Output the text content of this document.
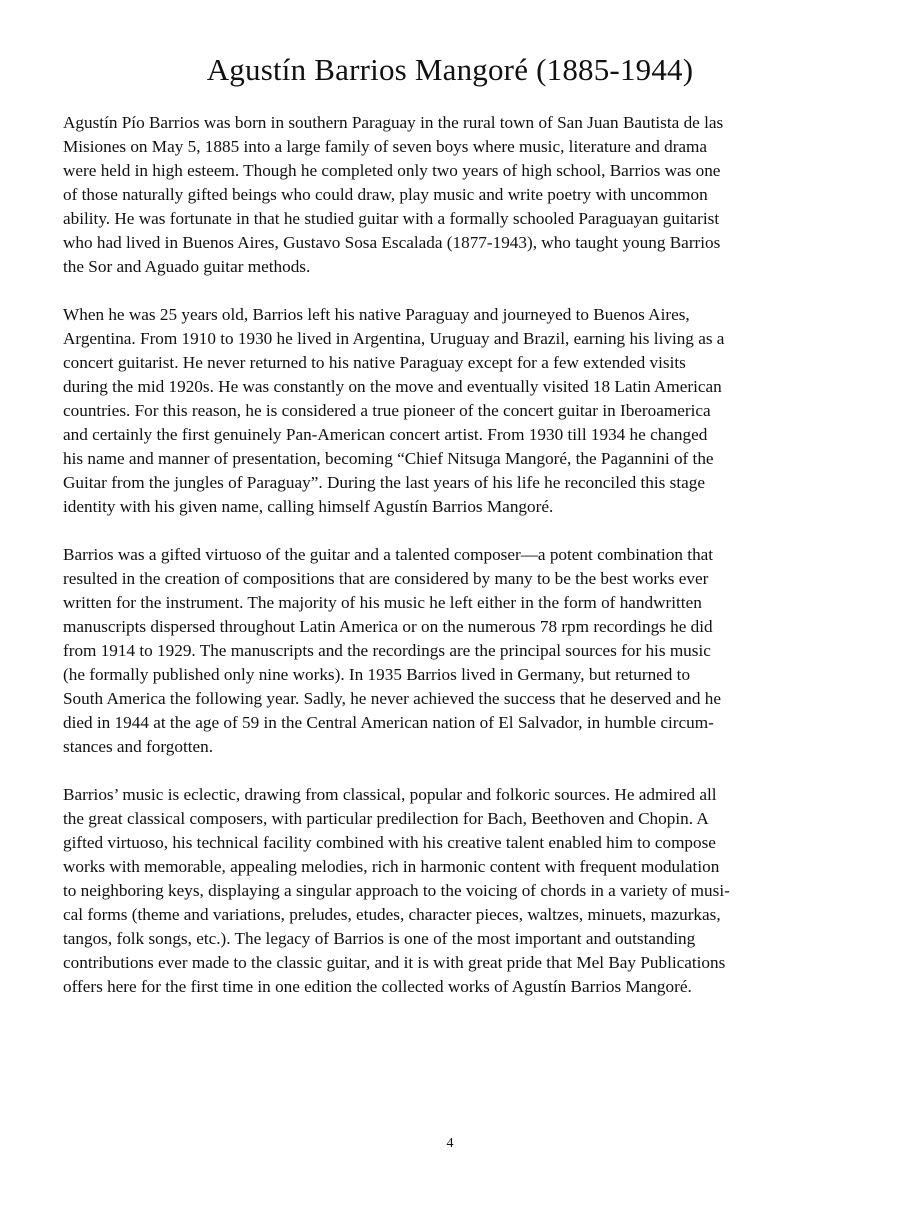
Agustín Barrios Mangoré (1885-1944)

Agustín Pío Barrios was born in southern Paraguay in the rural town of San Juan Bautista de las
Misiones on May 5, 1885 into a large family of seven boys where music, literature and drama
were held in high esteem. Though he completed only two years of high school, Barrios was one
of those naturally gifted beings who could draw, play music and write poetry with uncommon
ability. He was fortunate in that he studied guitar with a formally schooled Paraguayan guitarist
who had lived in Buenos Aires, Gustavo Sosa Escalada (1877-1943), who taught young Barrios
the Sor and Aguado guitar methods.

When he was 25 years old, Barrios left his native Paraguay and journeyed to Buenos Aires,
Argentina. From 1910 to 1930 he lived in Argentina, Uruguay and Brazil, earning his living as a
concert guitarist. He never returned to his native Paraguay except for a few extended visits
during the mid 1920s. He was constantly on the move and eventually visited 18 Latin American
countries. For this reason, he is considered a true pioneer of the concert guitar in Iberoamerica
and certainly the first genuinely Pan-American concert artist. From 1930 till 1934 he changed
his name and manner of presentation, becoming “Chief Nitsuga Mangoré, the Pagannini of the
Guitar from the jungles of Paraguay”. During the last years of his life he reconciled this stage
identity with his given name, calling himself Agustín Barrios Mangoré.

Barrios was a gifted virtuoso of the guitar and a talented composer—a potent combination that
resulted in the creation of compositions that are considered by many to be the best works ever
written for the instrument. The majority of his music he left either in the form of handwritten
manuscripts dispersed throughout Latin America or on the numerous 78 rpm recordings he did
from 1914 to 1929. The manuscripts and the recordings are the principal sources for his music
(he formally published only nine works). In 1935 Barrios lived in Germany, but returned to
South America the following year. Sadly, he never achieved the success that he deserved and he
died in 1944 at the age of 59 in the Central American nation of El Salvador, in humble circum-
stances and forgotten.

Barrios’ music is eclectic, drawing from classical, popular and folkoric sources. He admired all
the great classical composers, with particular predilection for Bach, Beethoven and Chopin. A
gifted virtuoso, his technical facility combined with his creative talent enabled him to compose
works with memorable, appealing melodies, rich in harmonic content with frequent modulation
to neighboring keys, displaying a singular approach to the voicing of chords in a variety of musi-
cal forms (theme and variations, preludes, etudes, character pieces, waltzes, minuets, mazurkas,
tangos, folk songs, etc.). The legacy of Barrios is one of the most important and outstanding
contributions ever made to the classic guitar, and it is with great pride that Mel Bay Publications
offers here for the first time in one edition the collected works of Agustín Barrios Mangoré.

4
